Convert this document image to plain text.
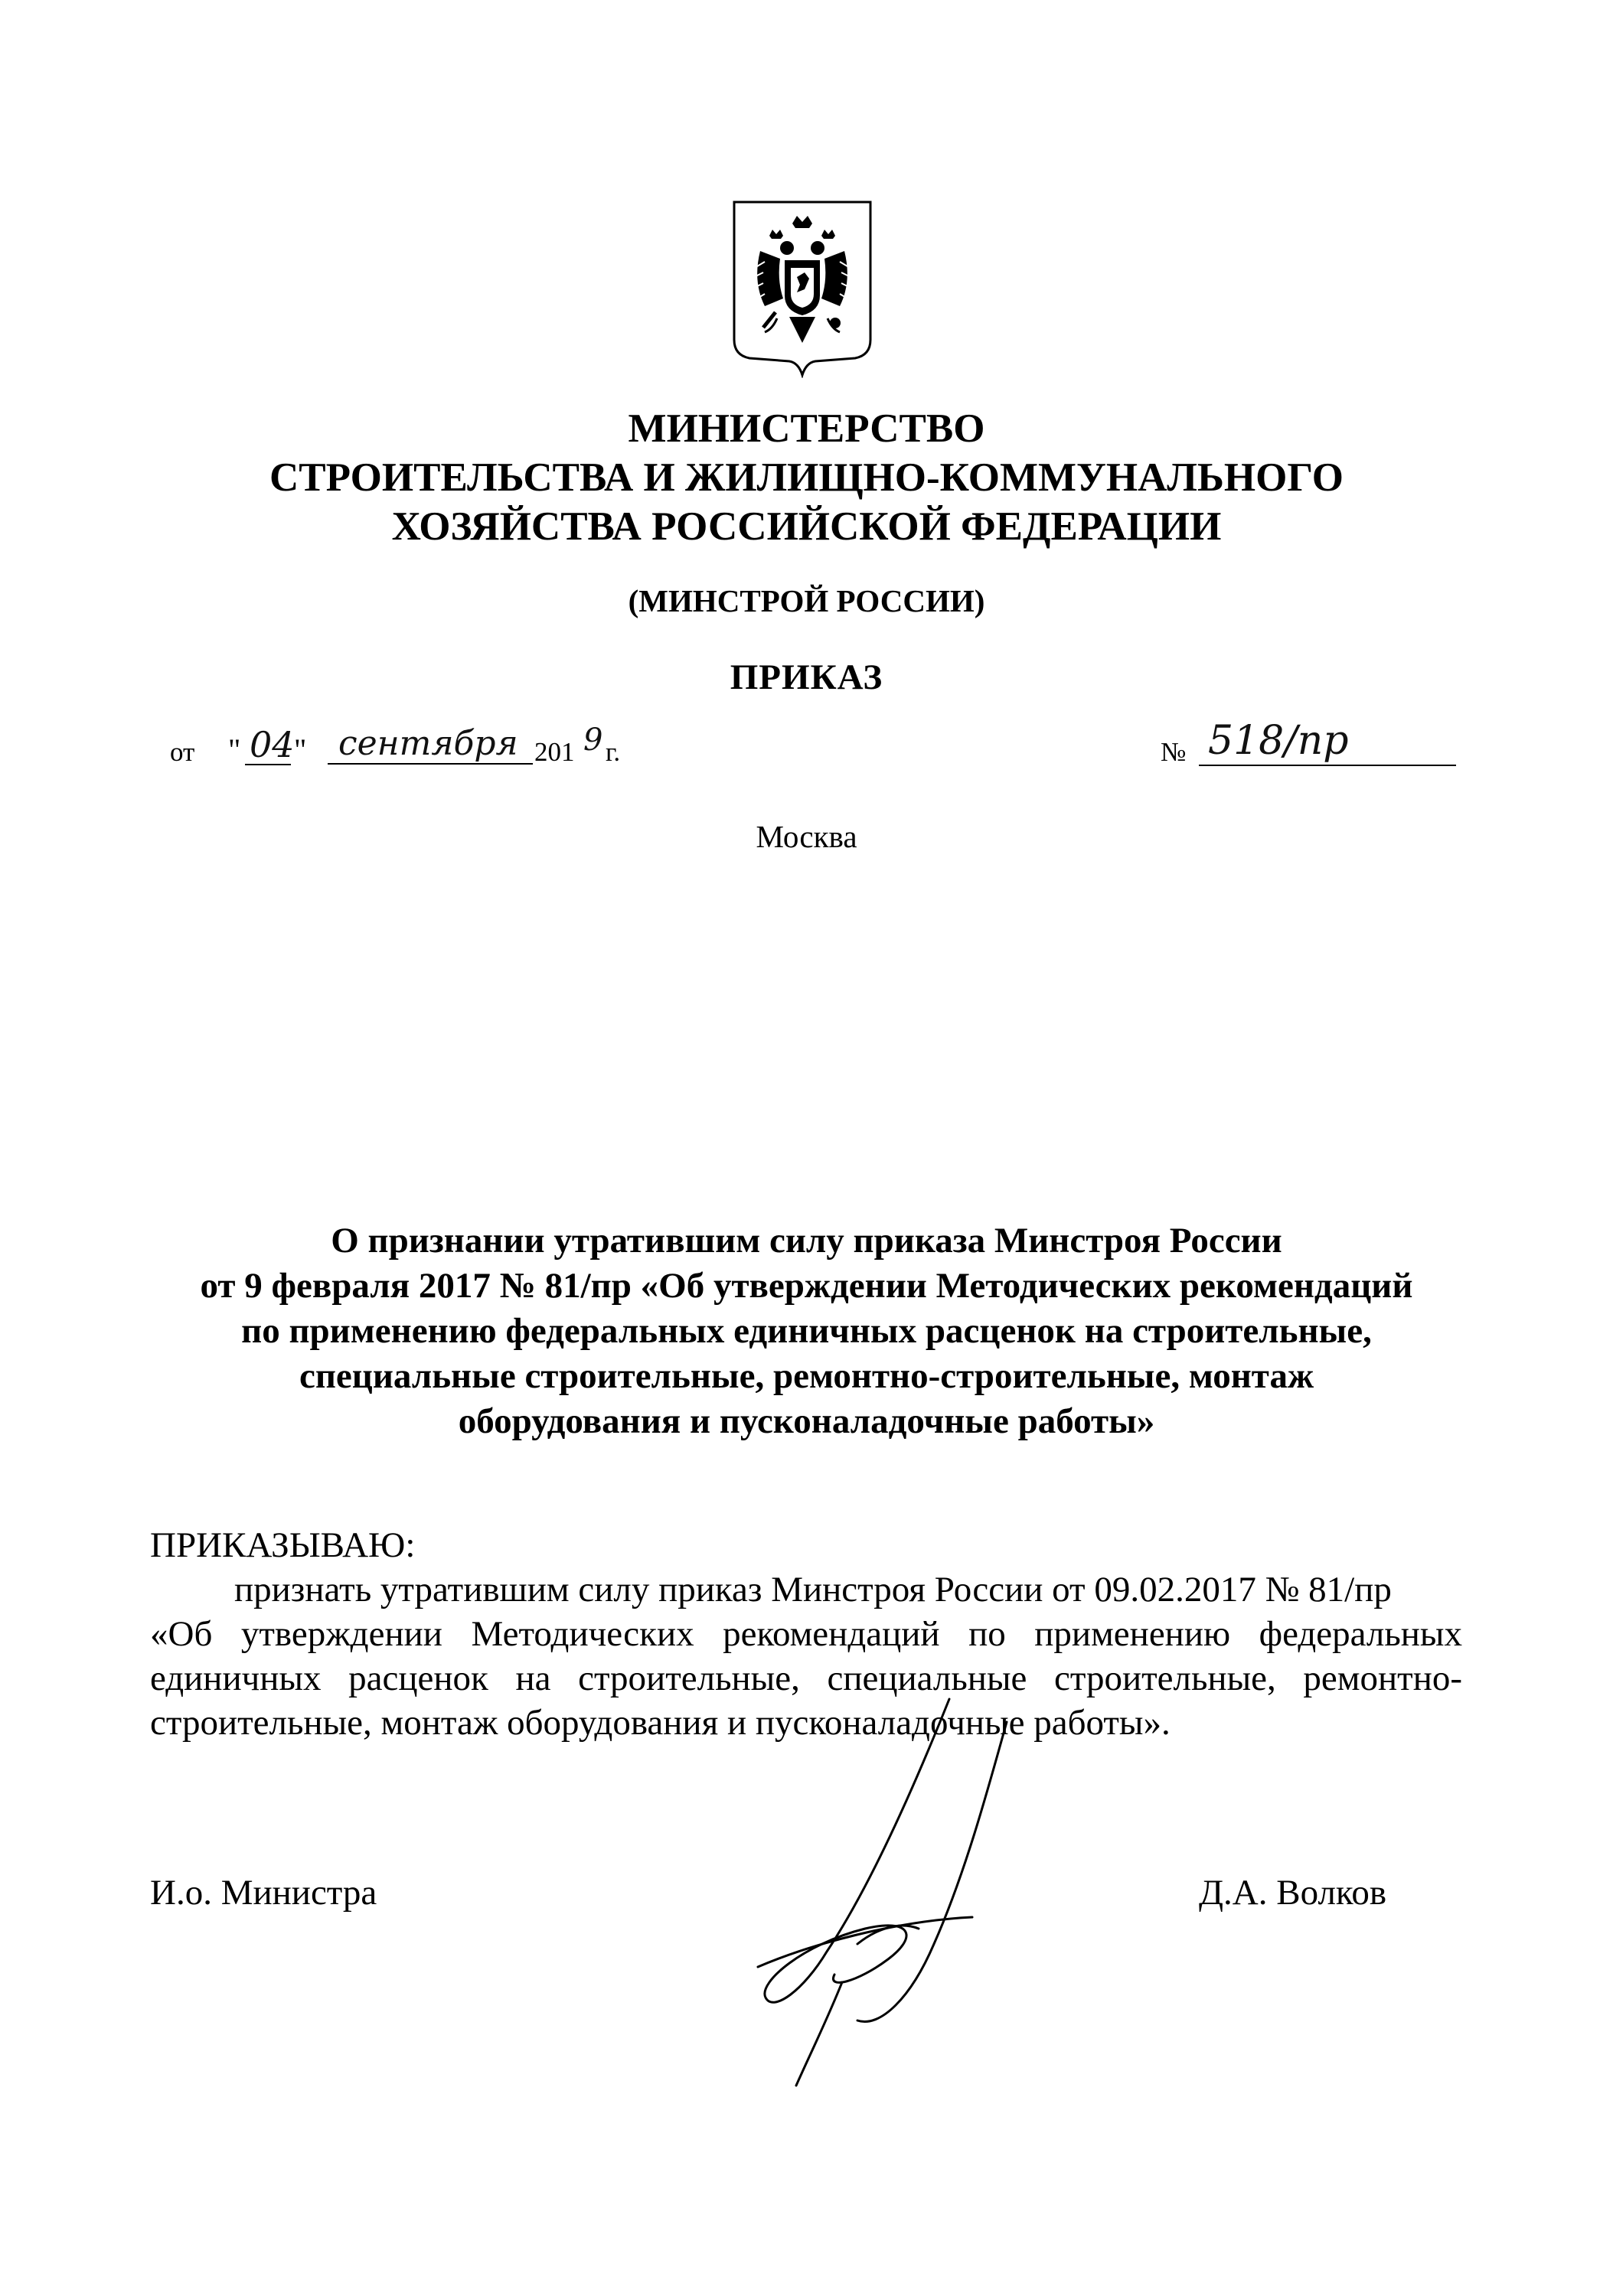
МИНИСТЕРСТВО
СТРОИТЕЛЬСТВА И ЖИЛИЩНО-КОММУНАЛЬНОГО
ХОЗЯЙСТВА РОССИЙСКОЙ ФЕДЕРАЦИИ
(МИНСТРОЙ РОССИИ)
ПРИКАЗ
от " 04 " сентября 201 9 г.	№ 518/пр
Москва
О признании утратившим силу приказа Минстроя России
от 9 февраля 2017 № 81/пр «Об утверждении Методических рекомендаций
по применению федеральных единичных расценок на строительные,
специальные строительные, ремонтно-строительные, монтаж
оборудования и пусконаладочные работы»
ПРИКАЗЫВАЮ:
признать утратившим силу приказ Минстроя России от 09.02.2017 № 81/пр
«Об утверждении Методических рекомендаций по применению федеральных
единичных расценок на строительные, специальные строительные, ремонтно-
строительные, монтаж оборудования и пусконаладочные работы».
И.о. Министра	Д.А. Волков
